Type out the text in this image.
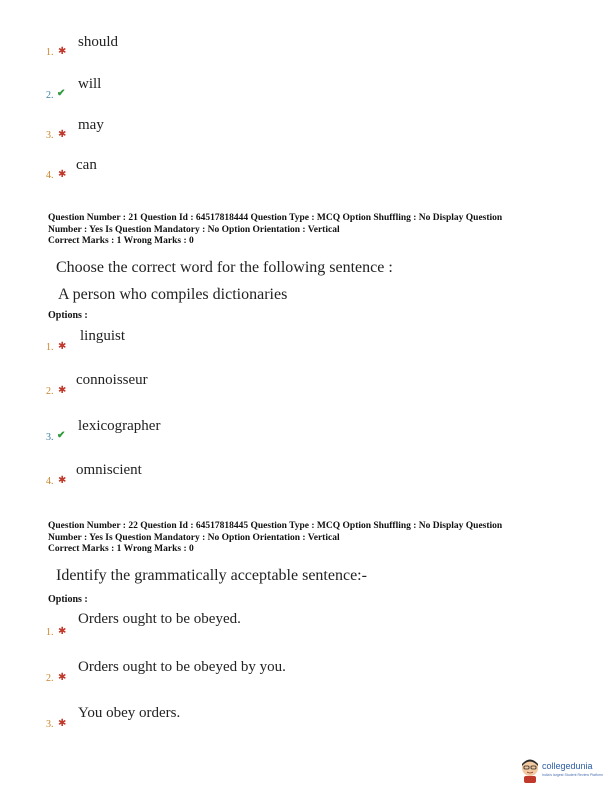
1. ✱
should
2. ✔
will
3. ✱
may
4. ✱
can
Question Number : 21 Question Id : 64517818444 Question Type : MCQ Option Shuffling : No Display Question
Number : Yes Is Question Mandatory : No Option Orientation : Vertical
Correct Marks : 1 Wrong Marks : 0
Choose the correct word for the following sentence :
A person who compiles dictionaries
Options :
1. ✱
linguist
2. ✱
connoisseur
3. ✔
lexicographer
4. ✱
omniscient
Question Number : 22 Question Id : 64517818445 Question Type : MCQ Option Shuffling : No Display Question
Number : Yes Is Question Mandatory : No Option Orientation : Vertical
Correct Marks : 1 Wrong Marks : 0
Identify the grammatically acceptable sentence:-
Options :
1. ✱
Orders ought to be obeyed.
2. ✱
Orders ought to be obeyed by you.
3. ✱
You obey orders.
collegedunia
India's largest Student Review Platform
